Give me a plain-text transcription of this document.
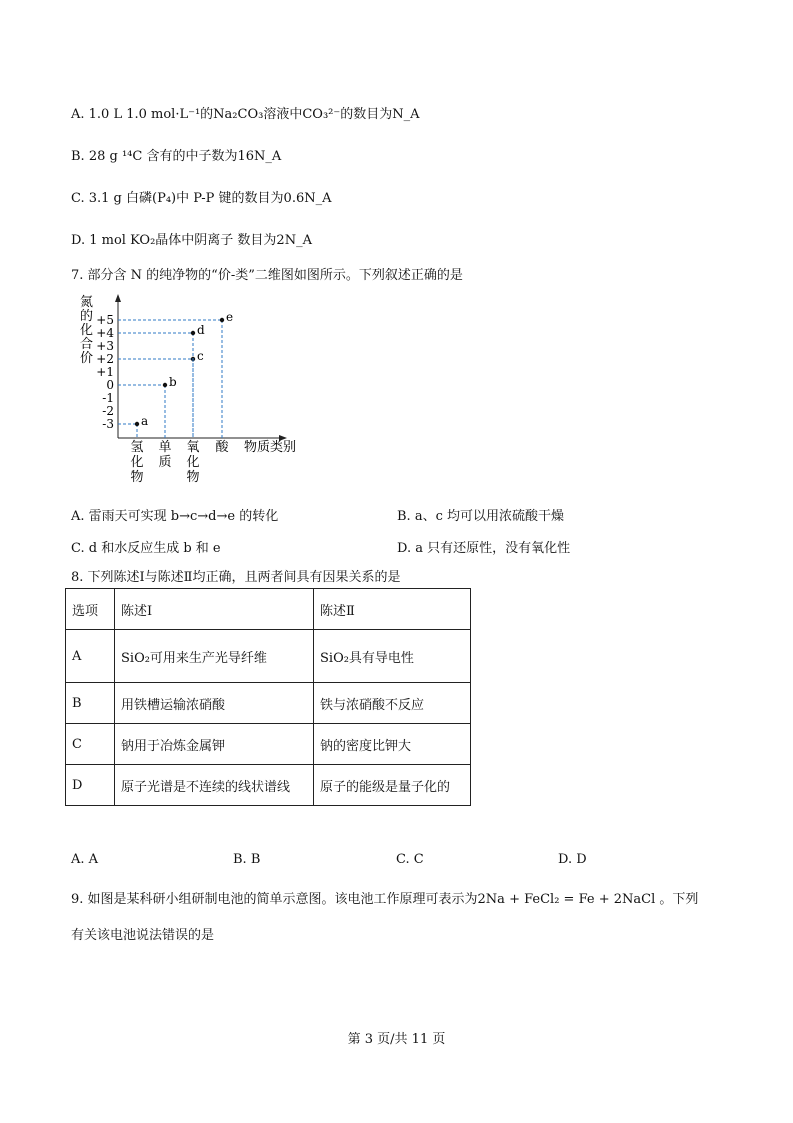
A. 1.0 L 1.0 mol·L⁻¹的Na₂CO₃溶液中CO₃²⁻的数目为N_A
B. 28 g ¹⁴C 含有的中子数为16N_A
C. 3.1 g 白磷(P₄)中 P-P 键的数目为0.6N_A
D. 1 mol KO₂晶体中阴离子 数目为2N_A
7. 部分含 N 的纯净物的“价-类”二维图如图所示。下列叙述正确的是
氮
的
化
合
价
+5
+4
+3
+2
+1
0
-1
-2
-3
氢
化
物
单
质
氧
化
物
酸 物质类别
a
b
c
d
e
A. 雷雨天可实现 b→c→d→e 的转化	B. a、c 均可以用浓硫酸干燥
C. d 和水反应生成 b 和 e	D. a 只有还原性，没有氧化性
8. 下列陈述Ⅰ与陈述Ⅱ均正确，且两者间具有因果关系的是
选项	陈述Ⅰ	陈述Ⅱ
A	SiO₂可用来生产光导纤维	SiO₂具有导电性
B	用铁槽运输浓硝酸	铁与浓硝酸不反应
C	钠用于冶炼金属钾	钠的密度比钾大
D	原子光谱是不连续的线状谱线	原子的能级是量子化的
A. A	B. B	C. C	D. D
9. 如图是某科研小组研制电池的简单示意图。该电池工作原理可表示为2Na + FeCl₂ = Fe + 2NaCl 。下列
有关该电池说法错误的是
第 3 页/共 11 页
